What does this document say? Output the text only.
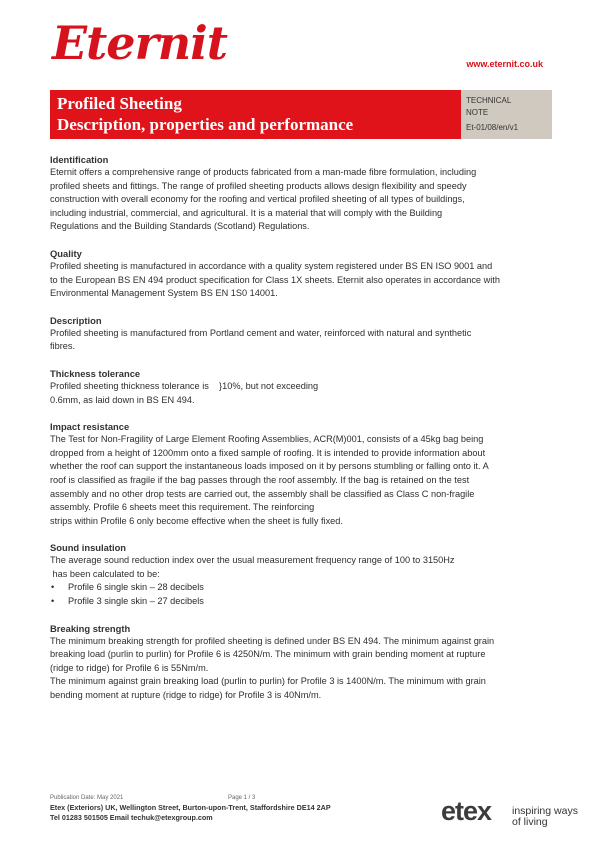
Eternit	www.eternit.co.uk
Profiled Sheeting
Description, properties and performance
TECHNICAL
NOTE
Et-01/08/en/v1
Identification
Eternit offers a comprehensive range of products fabricated from a man-made fibre formulation, including
profiled sheets and fittings. The range of profiled sheeting products allows design flexibility and speedy
construction with overall economy for the roofing and vertical profiled sheeting of all types of buildings,
including industrial, commercial, and agricultural. It is a material that will comply with the Building
Regulations and the Building Standards (Scotland) Regulations.
Quality
Profiled sheeting is manufactured in accordance with a quality system registered under BS EN ISO 9001 and
to the European BS EN 494 product specification for Class 1X sheets. Eternit also operates in accordance with
Environmental Management System BS EN 1S0 14001.
Description
Profiled sheeting is manufactured from Portland cement and water, reinforced with natural and synthetic
fibres.
Thickness tolerance
Profiled sheeting thickness tolerance is    }10%, but not exceeding
0.6mm, as laid down in BS EN 494.
Impact resistance
The Test for Non-Fragility of Large Element Roofing Assemblies, ACR(M)001, consists of a 45kg bag being
dropped from a height of 1200mm onto a fixed sample of roofing. It is intended to provide information about
whether the roof can support the instantaneous loads imposed on it by persons stumbling or falling onto it. A
roof is classified as fragile if the bag passes through the roof assembly. If the bag is retained on the test
assembly and no other drop tests are carried out, the assembly shall be classified as Class C non-fragile
assembly. Profile 6 sheets meet this requirement. The reinforcing
strips within Profile 6 only become effective when the sheet is fully fixed.
Sound insulation
The average sound reduction index over the usual measurement frequency range of 100 to 3150Hz
has been calculated to be:
• Profile 6 single skin – 28 decibels
• Profile 3 single skin – 27 decibels
Breaking strength
The minimum breaking strength for profiled sheeting is defined under BS EN 494. The minimum against grain
breaking load (purlin to purlin) for Profile 6 is 4250N/m. The minimum with grain bending moment at rupture
(ridge to ridge) for Profile 6 is 55Nm/m.
The minimum against grain breaking load (purlin to purlin) for Profile 3 is 1400N/m. The minimum with grain
bending moment at rupture (ridge to ridge) for Profile 3 is 40Nm/m.
Publication Date: May 2021	Page 1 / 3
Etex (Exteriors) UK, Wellington Street, Burton-upon-Trent, Staffordshire DE14 2AP
Tel 01283 501505 Email techuk@etexgroup.com	etex inspiring ways
of living
